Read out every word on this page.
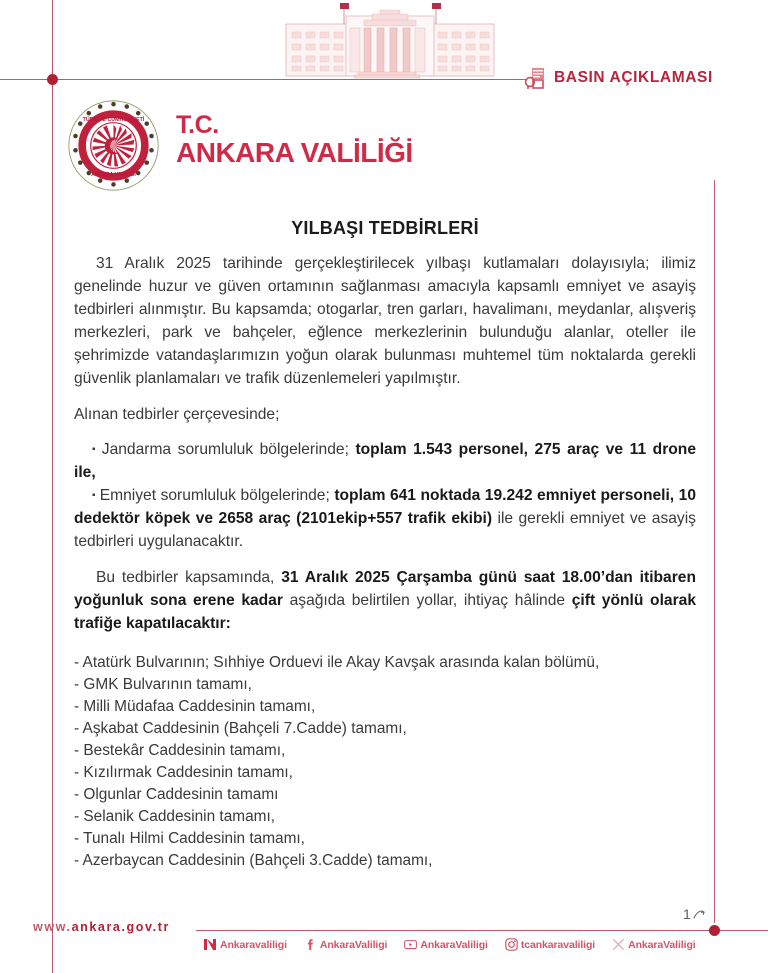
BASIN AÇIKLAMASI
TÜRKİYE CUMHURİYETİ
ANKARA VALİLİĞİ
T.C.
ANKARA VALİLİĞİ
YILBAŞI TEDBİRLERİ

31 Aralık 2025 tarihinde gerçekleştirilecek yılbaşı kutlamaları dolayısıyla; ilimiz genelinde huzur ve güven ortamının sağlanması amacıyla kapsamlı emniyet ve asayiş tedbirleri alınmıştır. Bu kapsamda; otogarlar, tren garları, havalimanı, meydanlar, alışveriş merkezleri, park ve bahçeler, eğlence merkezlerinin bulunduğu alanlar, oteller ile şehrimizde vatandaşlarımızın yoğun olarak bulunması muhtemel tüm noktalarda gerekli güvenlik planlamaları ve trafik düzenlemeleri yapılmıştır.

Alınan tedbirler çerçevesinde;

▪ Jandarma sorumluluk bölgelerinde; toplam 1.543 personel, 275 araç ve 11 drone ile,

▪ Emniyet sorumluluk bölgelerinde; toplam 641 noktada 19.242 emniyet personeli, 10 dedektör köpek ve 2658 araç (2101ekip+557 trafik ekibi) ile gerekli emniyet ve asayiş tedbirleri uygulanacaktır.

Bu tedbirler kapsamında, 31 Aralık 2025 Çarşamba günü saat 18.00’dan itibaren yoğunluk sona erene kadar aşağıda belirtilen yollar, ihtiyaç hâlinde çift yönlü olarak trafiğe kapatılacaktır:

- Atatürk Bulvarının; Sıhhiye Orduevi ile Akay Kavşak arasında kalan bölümü,

- GMK Bulvarının tamamı,

- Milli Müdafaa Caddesinin tamamı,

- Aşkabat Caddesinin (Bahçeli 7.Cadde) tamamı,

- Bestekâr Caddesinin tamamı,

- Kızılırmak Caddesinin tamamı,

- Olgunlar Caddesinin tamamı

- Selanik Caddesinin tamamı,

- Tunalı Hilmi Caddesinin tamamı,

- Azerbaycan Caddesinin (Bahçeli 3.Cadde) tamamı,

www.ankara.gov.tr
Ankaravaliligi	AnkaraValiligi	AnkaraValiligi	tcankaravaliligi	AnkaraValiligi
1
